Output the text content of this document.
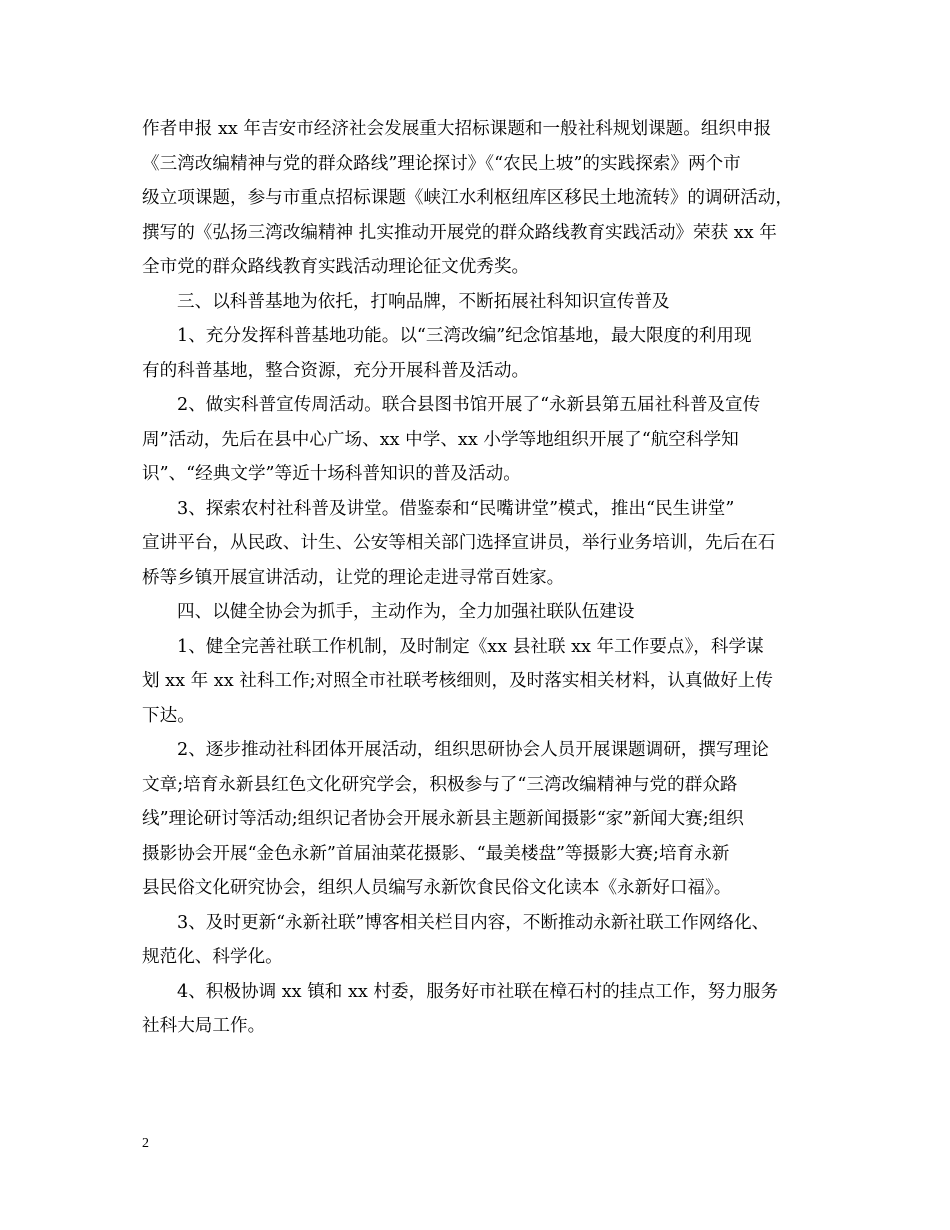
作者申报 xx 年吉安市经济社会发展重大招标课题和一般社科规划课题。组织申报
《三湾改编精神与党的群众路线”理论探讨》《“农民上坡”的实践探索》两个市
级立项课题，参与市重点招标课题《峡江水利枢纽库区移民土地流转》的调研活动，
撰写的《弘扬三湾改编精神 扎实推动开展党的群众路线教育实践活动》荣获 xx 年
全市党的群众路线教育实践活动理论征文优秀奖。
三、以科普基地为依托，打响品牌，不断拓展社科知识宣传普及
1、充分发挥科普基地功能。以“三湾改编”纪念馆基地，最大限度的利用现
有的科普基地，整合资源，充分开展科普及活动。
2、做实科普宣传周活动。联合县图书馆开展了“永新县第五届社科普及宣传
周”活动，先后在县中心广场、xx 中学、xx 小学等地组织开展了“航空科学知
识”、“经典文学”等近十场科普知识的普及活动。
3、探索农村社科普及讲堂。借鉴泰和“民嘴讲堂”模式，推出“民生讲堂”
宣讲平台，从民政、计生、公安等相关部门选择宣讲员，举行业务培训，先后在石
桥等乡镇开展宣讲活动，让党的理论走进寻常百姓家。
四、以健全协会为抓手，主动作为，全力加强社联队伍建设
1、健全完善社联工作机制，及时制定《xx 县社联 xx 年工作要点》，科学谋
划 xx 年 xx 社科工作;对照全市社联考核细则，及时落实相关材料，认真做好上传
下达。
2、逐步推动社科团体开展活动，组织思研协会人员开展课题调研，撰写理论
文章;培育永新县红色文化研究学会，积极参与了“三湾改编精神与党的群众路
线”理论研讨等活动;组织记者协会开展永新县主题新闻摄影“家”新闻大赛;组织
摄影协会开展“金色永新”首届油菜花摄影、“最美楼盘”等摄影大赛;培育永新
县民俗文化研究协会，组织人员编写永新饮食民俗文化读本《永新好口福》。
3、及时更新“永新社联”博客相关栏目内容，不断推动永新社联工作网络化、
规范化、科学化。
4、积极协调 xx 镇和 xx 村委，服务好市社联在樟石村的挂点工作，努力服务
社科大局工作。
2
